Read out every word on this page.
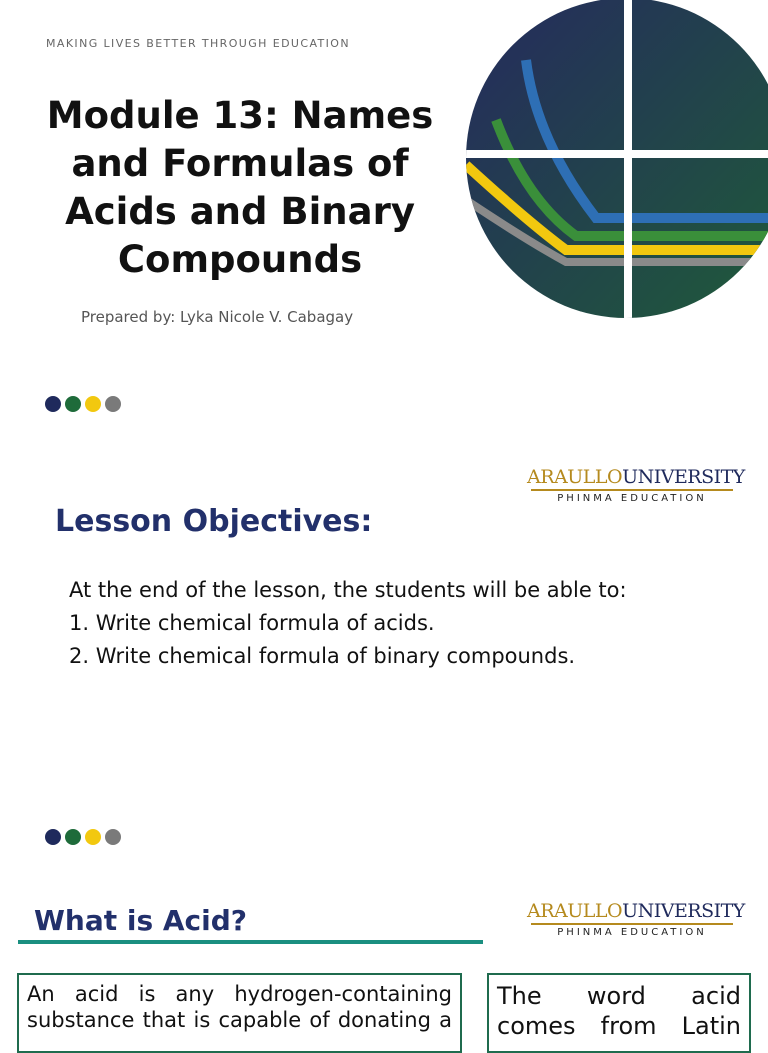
MAKING LIVES BETTER THROUGH EDUCATION
Module 13: Names
and Formulas of
Acids and Binary
Compounds
Prepared by: Lyka Nicole V. Cabagay
ARAULLOUNIVERSITY
PHINMA EDUCATION
Lesson Objectives:
At the end of the lesson, the students will be able to:
1. Write chemical formula of acids.
2. Write chemical formula of binary compounds.
ARAULLOUNIVERSITY
PHINMA EDUCATION
What is Acid?

An acid is any hydrogen-containing substance that is capable of donating a

The word acid comes from Latin
